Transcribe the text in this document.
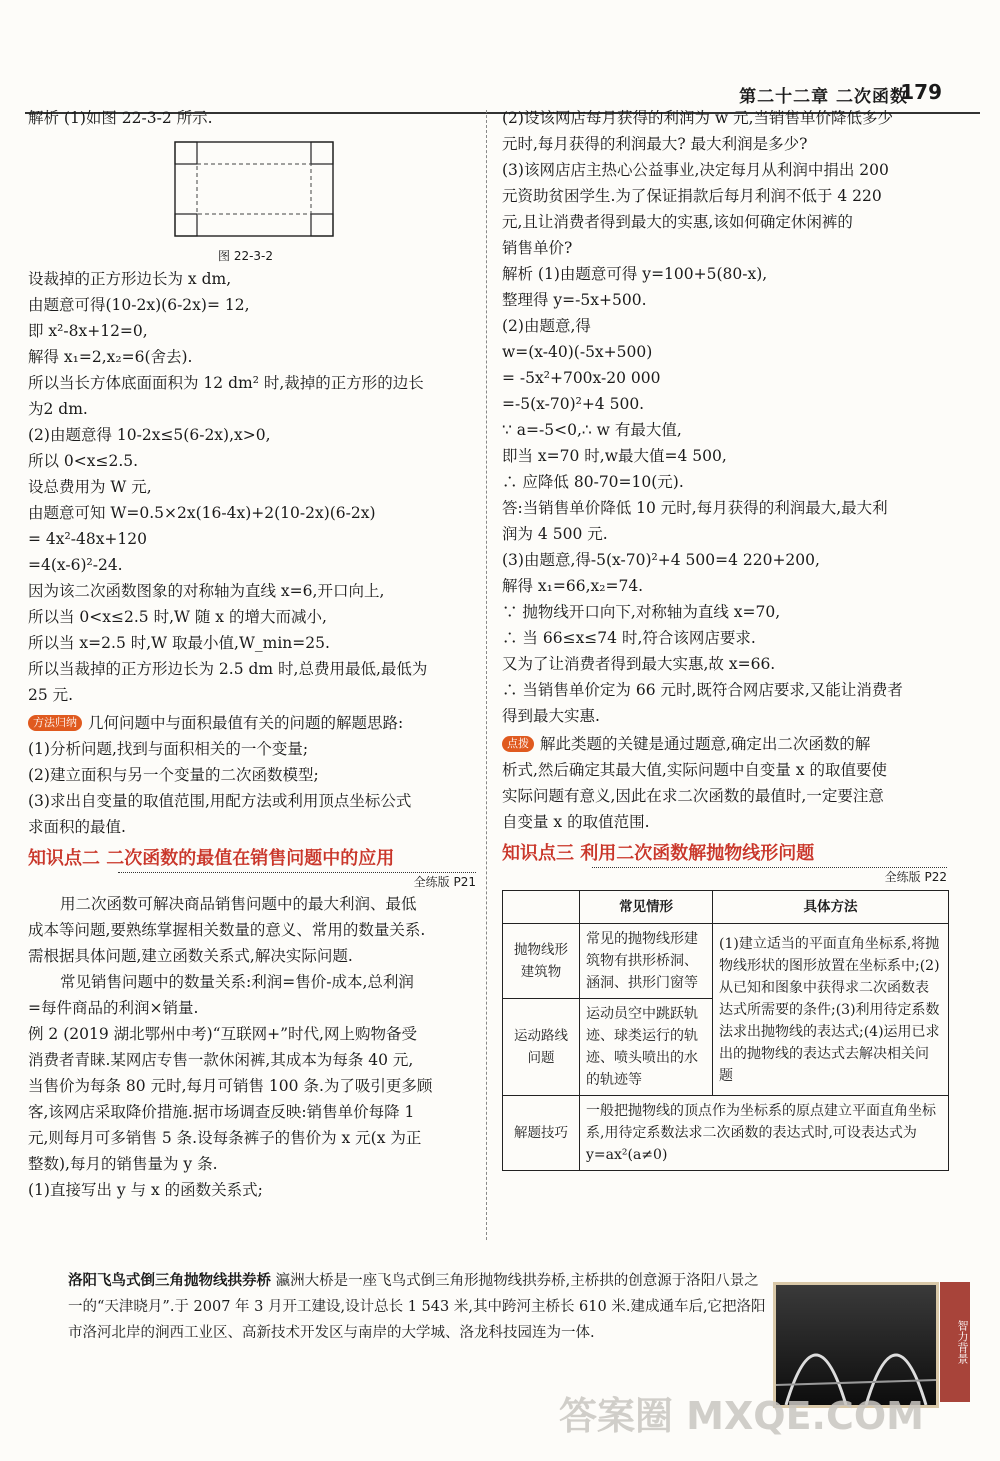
第二十二章 二次函数
179

解析 (1)如图 22-3-2 所示.

图 22-3-2

设裁掉的正方形边长为 x dm,

由题意可得(10-2x)(6-2x)= 12,

即 x²-8x+12=0,

解得 x₁=2,x₂=6(舍去).

所以当长方体底面面积为 12 dm² 时,裁掉的正方形的边长

为2 dm.

(2)由题意得 10-2x≤5(6-2x),x>0,

所以 0<x≤2.5.

设总费用为 W 元,

由题意可知 W=0.5×2x(16-4x)+2(10-2x)(6-2x)

= 4x²-48x+120

=4(x-6)²-24.

因为该二次函数图象的对称轴为直线 x=6,开口向上,

所以当 0<x≤2.5 时,W 随 x 的增大而减小,

所以当 x=2.5 时,W 取最小值,W_min=25.

所以当裁掉的正方形边长为 2.5 dm 时,总费用最低,最低为

25 元.

方法归纳 几何问题中与面积最值有关的问题的解题思路:

(1)分析问题,找到与面积相关的一个变量;

(2)建立面积与另一个变量的二次函数模型;

(3)求出自变量的取值范围,用配方法或利用顶点坐标公式

求面积的最值.

知识点二 二次函数的最值在销售问题中的应用
全练版 P21

用二次函数可解决商品销售问题中的最大利润、最低

成本等问题,要熟练掌握相关数量的意义、常用的数量关系.

需根据具体问题,建立函数关系式,解决实际问题.

常见销售问题中的数量关系:利润=售价-成本,总利润

=每件商品的利润×销量.

例 2 (2019 湖北鄂州中考)“互联网+”时代,网上购物备受

消费者青睐.某网店专售一款休闲裤,其成本为每条 40 元,

当售价为每条 80 元时,每月可销售 100 条.为了吸引更多顾

客,该网店采取降价措施.据市场调查反映:销售单价每降 1

元,则每月可多销售 5 条.设每条裤子的售价为 x 元(x 为正

整数),每月的销售量为 y 条.

(1)直接写出 y 与 x 的函数关系式;

(2)设该网店每月获得的利润为 w 元,当销售单价降低多少

元时,每月获得的利润最大? 最大利润是多少?

(3)该网店店主热心公益事业,决定每月从利润中捐出 200

元资助贫困学生.为了保证捐款后每月利润不低于 4 220

元,且让消费者得到最大的实惠,该如何确定休闲裤的

销售单价?

解析 (1)由题意可得 y=100+5(80-x),

整理得 y=-5x+500.

(2)由题意,得

w=(x-40)(-5x+500)

= -5x²+700x-20 000

=-5(x-70)²+4 500.

∵ a=-5<0,∴ w 有最大值,

即当 x=70 时,w最大值=4 500,

∴ 应降低 80-70=10(元).

答:当销售单价降低 10 元时,每月获得的利润最大,最大利

润为 4 500 元.

(3)由题意,得-5(x-70)²+4 500=4 220+200,

解得 x₁=66,x₂=74.

∵ 抛物线开口向下,对称轴为直线 x=70,

∴ 当 66≤x≤74 时,符合该网店要求.

又为了让消费者得到最大实惠,故 x=66.

∴ 当销售单价定为 66 元时,既符合网店要求,又能让消费者

得到最大实惠.

点拨 解此类题的关键是通过题意,确定出二次函数的解

析式,然后确定其最大值,实际问题中自变量 x 的取值要使

实际问题有意义,因此在求二次函数的最值时,一定要注意

自变量 x 的取值范围.

知识点三 利用二次函数解抛物线形问题
全练版 P22
	常见情形	具体方法
抛物线形建筑物	常见的抛物线形建筑物有拱形桥洞、涵洞、拱形门窗等	(1)建立适当的平面直角坐标系,将抛物线形状的图形放置在坐标系中;(2)从已知和图象中获得求二次函数表达式所需要的条件;(3)利用待定系数法求出抛物线的表达式;(4)运用已求出的抛物线的表达式去解决相关问题
运动路线问题	运动员空中跳跃轨迹、球类运行的轨迹、喷头喷出的水的轨迹等	
解题技巧	一般把抛物线的顶点作为坐标系的原点建立平面直角坐标系,用待定系数法求二次函数的表达式时,可设表达式为 y=ax²(a≠0)	
洛阳飞鸟式倒三角抛物线拱券桥 瀛洲大桥是一座飞鸟式倒三角形抛物线拱券桥,主桥拱的创意源于洛阳八景之一的“天津晓月”.于 2007 年 3 月开工建设,设计总长 1 543 米,其中跨河主桥长 610 米.建成通车后,它把洛阳市洛河北岸的涧西工业区、高新技术开发区与南岸的大学城、洛龙科技园连为一体.	智力背景
答案圈 MXQE.COM
